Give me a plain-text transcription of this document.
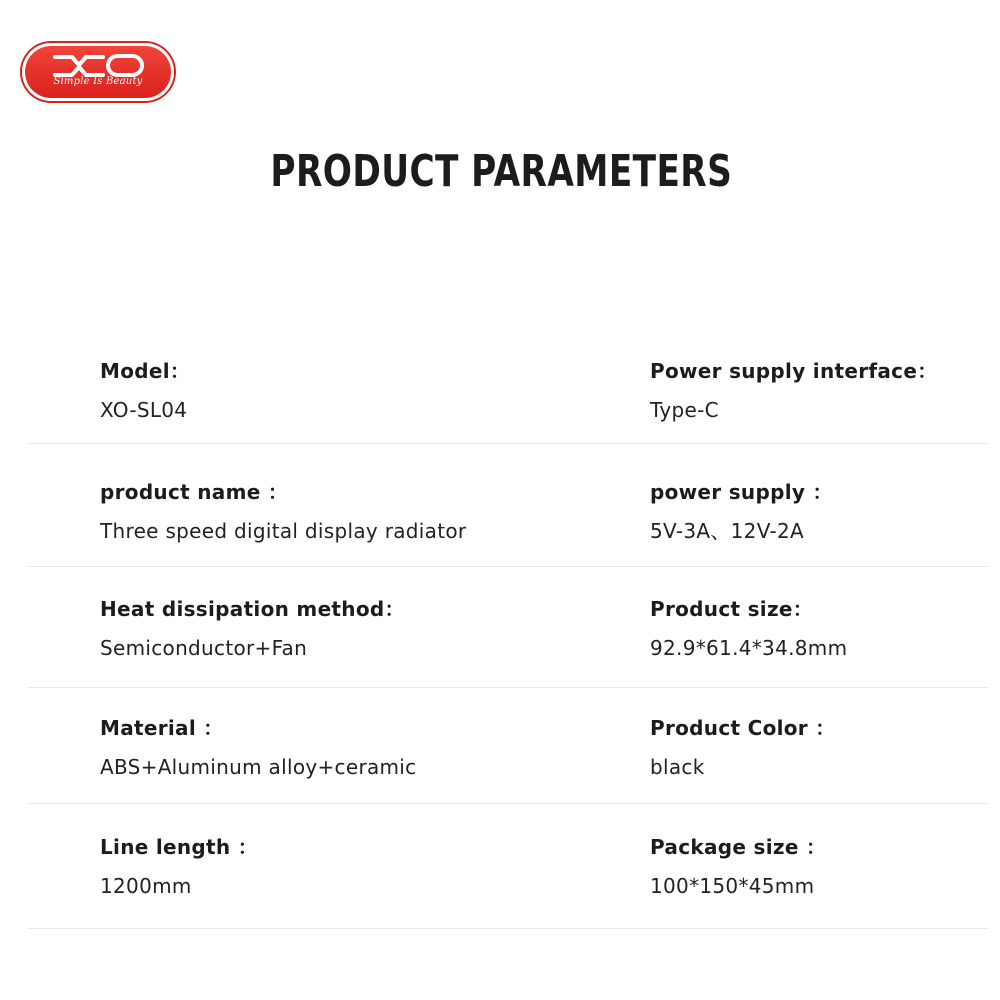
Simple Is Beauty
PRODUCT PARAMETERS
Model：
XO-SL04
Power supply interface：
Type-C
product name ：
Three speed digital display radiator
power supply ：
5V-3A、12V-2A
Heat dissipation method：
Semiconductor+Fan
Product size：
92.9*61.4*34.8mm
Material ：
ABS+Aluminum alloy+ceramic
Product Color ：
black
Line length ：
1200mm
Package size ：
100*150*45mm
